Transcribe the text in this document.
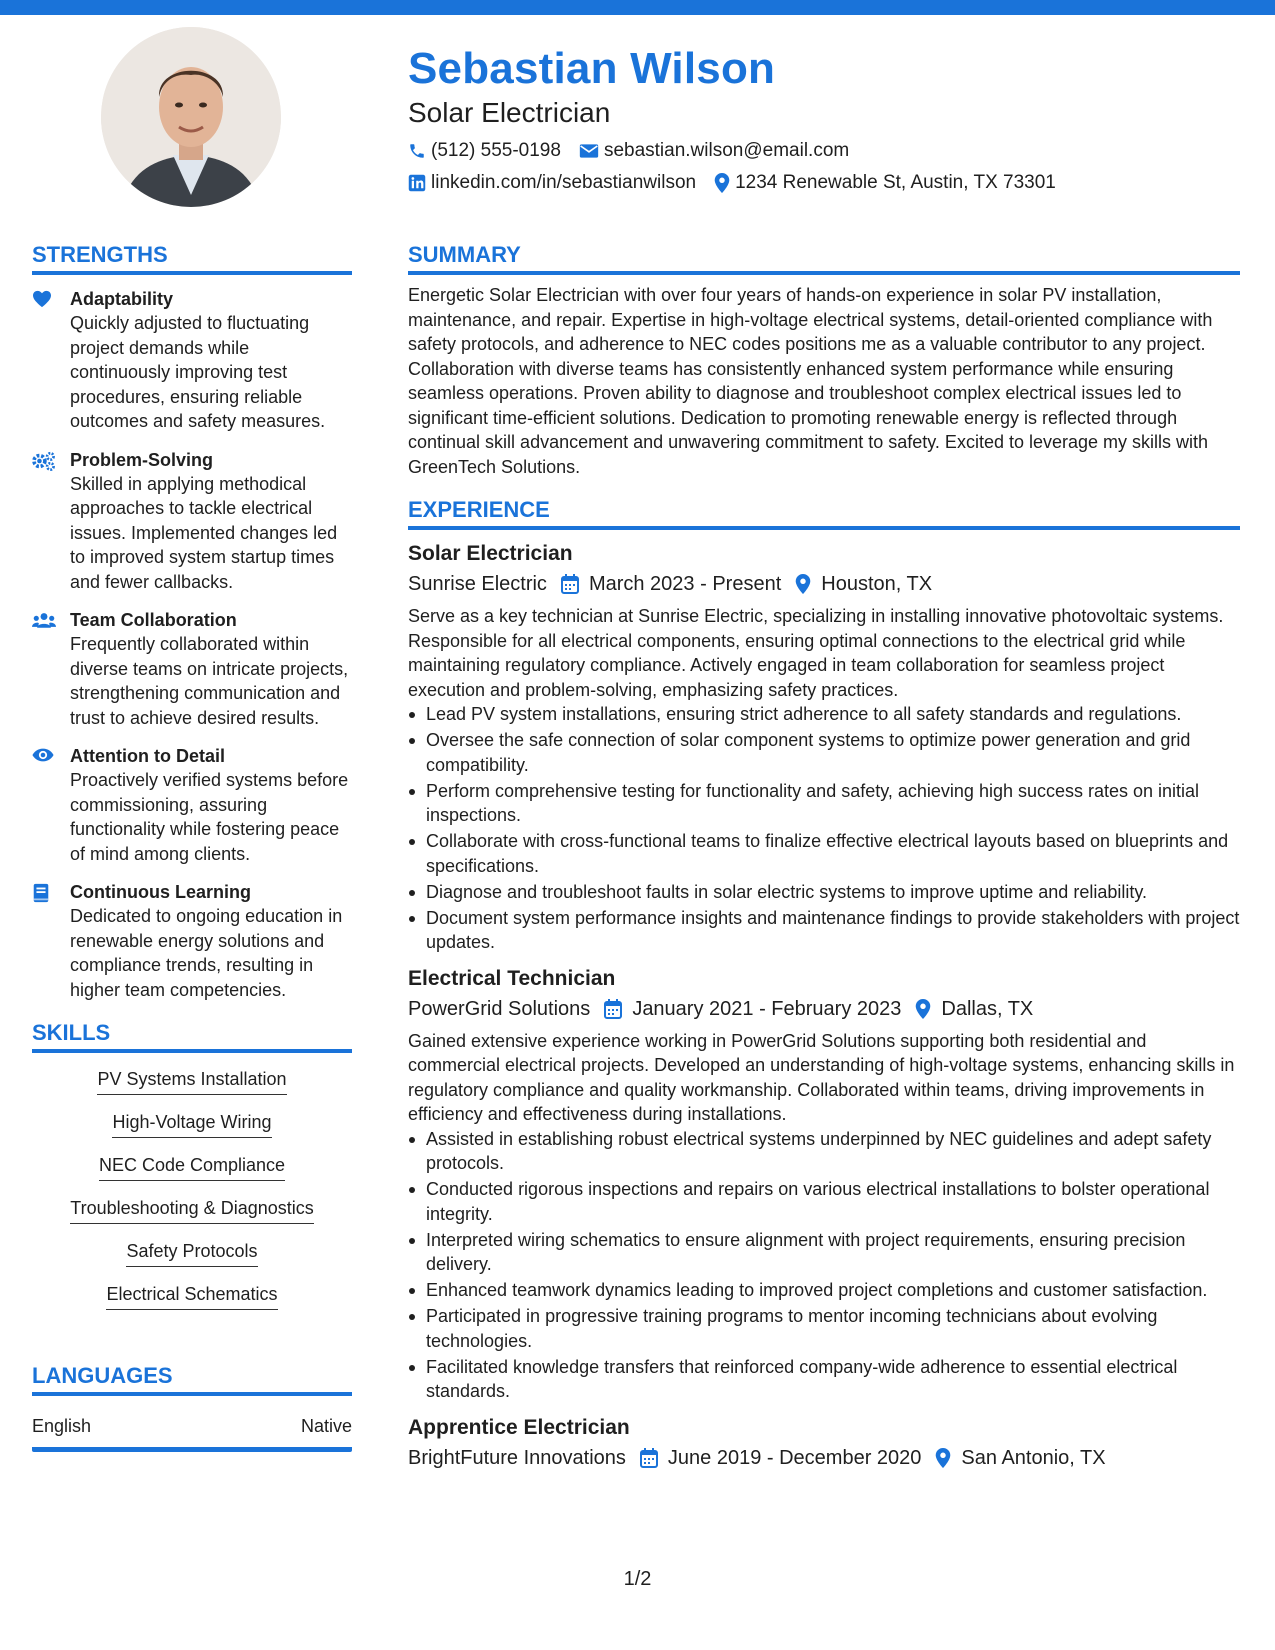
Sebastian Wilson
Solar Electrician
(512) 555-0198 sebastian.wilson@email.com
linkedin.com/in/sebastianwilson 1234 Renewable St, Austin, TX 73301
STRENGTHS
Adaptability
Quickly adjusted to fluctuating project demands while continuously improving test procedures, ensuring reliable outcomes and safety measures.
Problem-Solving
Skilled in applying methodical approaches to tackle electrical issues. Implemented changes led to improved system startup times and fewer callbacks.
Team Collaboration
Frequently collaborated within diverse teams on intricate projects, strengthening communication and trust to achieve desired results.
Attention to Detail
Proactively verified systems before commissioning, assuring functionality while fostering peace of mind among clients.
Continuous Learning
Dedicated to ongoing education in renewable energy solutions and compliance trends, resulting in higher team competencies.
SKILLS
PV Systems Installation
High-Voltage Wiring
NEC Code Compliance
Troubleshooting & Diagnostics
Safety Protocols
Electrical Schematics
LANGUAGES
English	Native
SUMMARY
Energetic Solar Electrician with over four years of hands-on experience in solar PV installation, maintenance, and repair. Expertise in high-voltage electrical systems, detail-oriented compliance with safety protocols, and adherence to NEC codes positions me as a valuable contributor to any project. Collaboration with diverse teams has consistently enhanced system performance while ensuring seamless operations. Proven ability to diagnose and troubleshoot complex electrical issues led to significant time-efficient solutions. Dedication to promoting renewable energy is reflected through continual skill advancement and unwavering commitment to safety. Excited to leverage my skills with GreenTech Solutions.
EXPERIENCE
Solar Electrician
Sunrise Electric March 2023 - Present Houston, TX
Serve as a key technician at Sunrise Electric, specializing in installing innovative photovoltaic systems. Responsible for all electrical components, ensuring optimal connections to the electrical grid while maintaining regulatory compliance. Actively engaged in team collaboration for seamless project execution and problem-solving, emphasizing safety practices.
Lead PV system installations, ensuring strict adherence to all safety standards and regulations.
Oversee the safe connection of solar component systems to optimize power generation and grid compatibility.
Perform comprehensive testing for functionality and safety, achieving high success rates on initial inspections.
Collaborate with cross-functional teams to finalize effective electrical layouts based on blueprints and specifications.
Diagnose and troubleshoot faults in solar electric systems to improve uptime and reliability.
Document system performance insights and maintenance findings to provide stakeholders with project updates.
Electrical Technician
PowerGrid Solutions January 2021 - February 2023 Dallas, TX
Gained extensive experience working in PowerGrid Solutions supporting both residential and commercial electrical projects. Developed an understanding of high-voltage systems, enhancing skills in regulatory compliance and quality workmanship. Collaborated within teams, driving improvements in efficiency and effectiveness during installations.
Assisted in establishing robust electrical systems underpinned by NEC guidelines and adept safety protocols.
Conducted rigorous inspections and repairs on various electrical installations to bolster operational integrity.
Interpreted wiring schematics to ensure alignment with project requirements, ensuring precision delivery.
Enhanced teamwork dynamics leading to improved project completions and customer satisfaction.
Participated in progressive training programs to mentor incoming technicians about evolving technologies.
Facilitated knowledge transfers that reinforced company-wide adherence to essential electrical standards.
Apprentice Electrician
BrightFuture Innovations June 2019 - December 2020 San Antonio, TX
1/2
